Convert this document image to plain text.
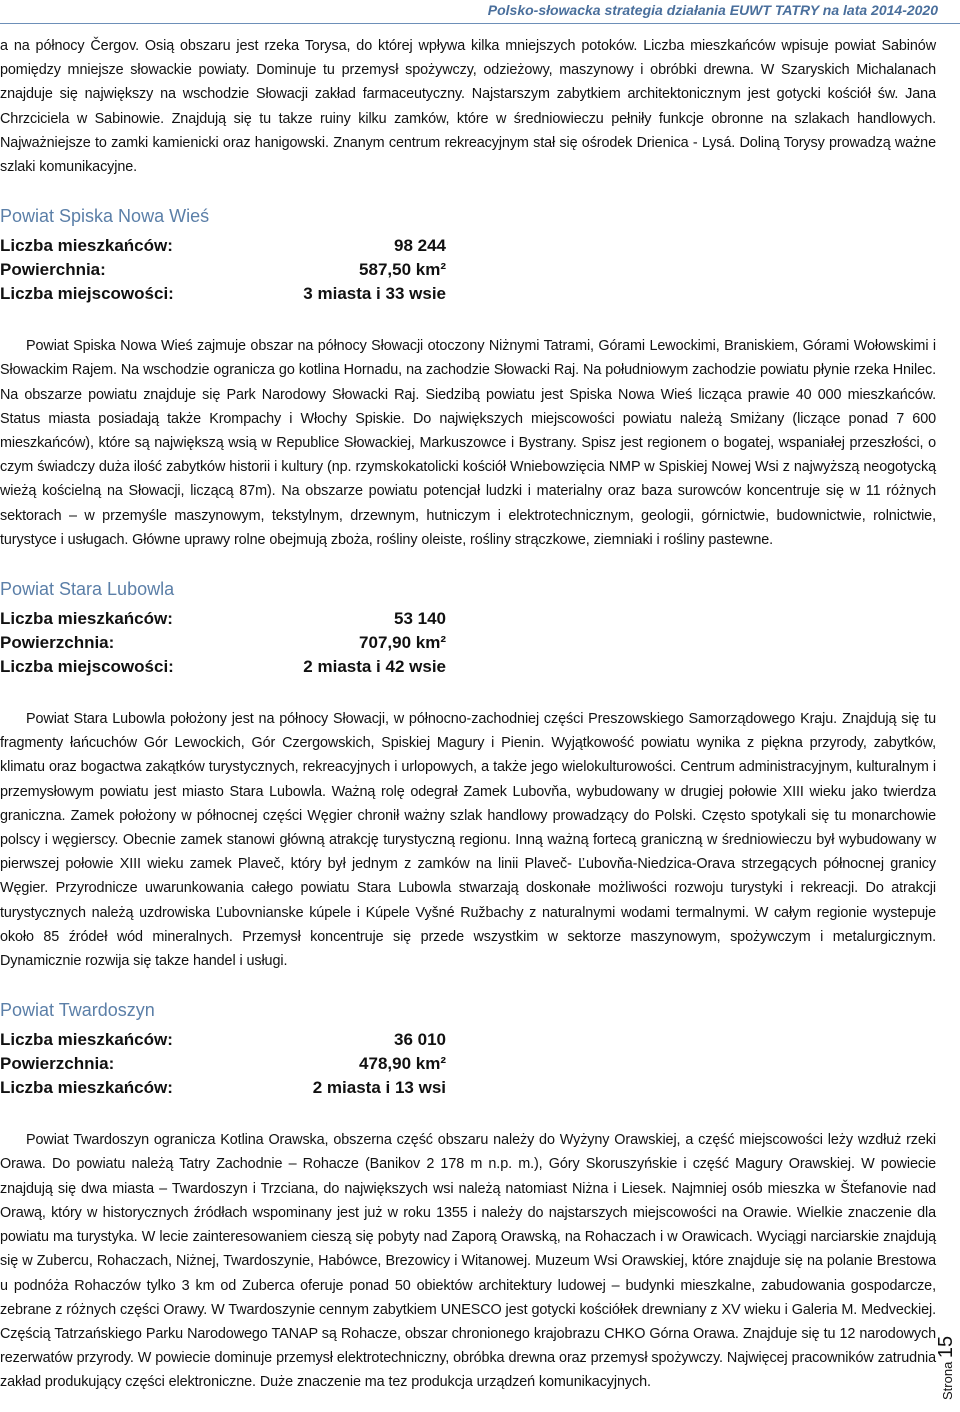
Polsko-słowacka strategia działania EUWT TATRY na lata 2014-2020

a na północy Čergov. Osią obszaru jest rzeka Torysa, do której wpływa kilka mniejszych potoków. Liczba mieszkańców wpisuje powiat Sabinów pomiędzy mniejsze słowackie powiaty. Dominuje tu przemysł spożywczy, odzieżowy, maszynowy i obróbki drewna. W Szaryskich Michalanach znajduje się największy na wschodzie Słowacji zakład farmaceutyczny. Najstarszym zabytkiem architektonicznym jest gotycki kościół św. Jana Chrzciciela w Sabinowie. Znajdują się tu takze ruiny kilku zamków, które w średniowieczu pełniły funkcje obronne na szlakach handlowych. Najważniejsze to zamki kamienicki oraz hanigowski. Znanym centrum rekreacyjnym stał się ośrodek Drienica - Lysá. Doliną Torysy prowadzą ważne szlaki komunikacyjne.

Powiat Spiska Nowa Wieś
Liczba mieszkańców:	98 244
Powierchnia:	587,50 km²
Liczba miejscowości:	3 miasta i 33 wsie

Powiat Spiska Nowa Wieś zajmuje obszar na północy Słowacji otoczony Niżnymi Tatrami, Górami Lewockimi, Braniskiem, Górami Wołowskimi i Słowackim Rajem. Na wschodzie ogranicza go kotlina Hornadu, na zachodzie Słowacki Raj. Na południowym zachodzie powiatu płynie rzeka Hnilec. Na obszarze powiatu znajduje się Park Narodowy Słowacki Raj. Siedzibą powiatu jest Spiska Nowa Wieś licząca prawie 40 000 mieszkańców. Status miasta posiadają także Krompachy i Włochy Spiskie. Do największych miejscowości powiatu należą Smiżany (liczące ponad 7 600 mieszkańców), które są największą wsią w Republice Słowackiej, Markuszowce i Bystrany. Spisz jest regionem o bogatej, wspaniałej przeszłości, o czym świadczy duża ilość zabytków historii i kultury (np. rzymskokatolicki kościół Wniebowzięcia NMP w Spiskiej Nowej Wsi z najwyższą neogotycką wieżą kościelną na Słowacji, liczącą 87m). Na obszarze powiatu potencjał ludzki i materialny oraz baza surowców koncentruje się w 11 różnych sektorach – w przemyśle maszynowym, tekstylnym, drzewnym, hutniczym i elektrotechnicznym, geologii, górnictwie, budownictwie, rolnictwie, turystyce i usługach. Główne uprawy rolne obejmują zboża, rośliny oleiste, rośliny strączkowe, ziemniaki i rośliny pastewne.

Powiat Stara Lubowla
Liczba mieszkańców:	53 140
Powierzchnia:	707,90 km²
Liczba miejscowości:	2 miasta i 42 wsie

Powiat Stara Lubowla położony jest na północy Słowacji, w północno-zachodniej części Preszowskiego Samorządowego Kraju. Znajdują się tu fragmenty łańcuchów Gór Lewockich, Gór Czergowskich, Spiskiej Magury i Pienin. Wyjątkowość powiatu wynika z piękna przyrody, zabytków, klimatu oraz bogactwa zakątków turystycznych, rekreacyjnych i urlopowych, a także jego wielokulturowości. Centrum administracyjnym, kulturalnym i przemysłowym powiatu jest miasto Stara Lubowla. Ważną rolę odegrał Zamek Lubovňa, wybudowany w drugiej połowie XIII wieku jako twierdza graniczna. Zamek położony w północnej części Węgier chronił ważny szlak handlowy prowadzący do Polski. Często spotykali się tu monarchowie polscy i węgierscy. Obecnie zamek stanowi główną atrakcję turystyczną regionu. Inną ważną fortecą graniczną w średniowieczu był wybudowany w pierwszej połowie XIII wieku zamek Plaveč, który był jednym z zamków na linii Plaveč- Ľubovňa-Niedzica-Orava strzegących północnej granicy Węgier. Przyrodnicze uwarunkowania całego powiatu Stara Lubowla stwarzają doskonałe możliwości rozwoju turystyki i rekreacji. Do atrakcji turystycznych należą uzdrowiska Ľubovnianske kúpele i Kúpele Vyšné Ružbachy z naturalnymi wodami termalnymi. W całym regionie wystepuje około 85 źródeł wód mineralnych. Przemysł koncentruje się przede wszystkim w sektorze maszynowym, spożywczym i metalurgicznym. Dynamicznie rozwija się takze handel i usługi.

Powiat Twardoszyn
Liczba mieszkańców:	36 010
Powierzchnia:	478,90 km²
Liczba mieszkańców:	2 miasta i 13 wsi

Powiat Twardoszyn ogranicza Kotlina Orawska, obszerna część obszaru należy do Wyżyny Orawskiej, a część miejscowości leży wzdłuż rzeki Orawa. Do powiatu należą Tatry Zachodnie – Rohacze (Banikov 2 178 m n.p. m.), Góry Skoruszyńskie i część Magury Orawskiej. W powiecie znajdują się dwa miasta – Twardoszyn i Trzciana, do największych wsi należą natomiast Niżna i Liesek. Najmniej osób mieszka w Štefanovie nad Orawą, który w historycznych źródłach wspominany jest już w roku 1355 i należy do najstarszych miejscowości na Orawie. Wielkie znaczenie dla powiatu ma turystyka. W lecie zainteresowaniem cieszą się pobyty nad Zaporą Orawską, na Rohaczach i w Orawicach. Wyciągi narciarskie znajdują się w Zubercu, Rohaczach, Niżnej, Twardoszynie, Habówce, Brezowicy i Witanowej. Muzeum Wsi Orawskiej, które znajduje się na polanie Brestowa u podnóża Rohaczów tylko 3 km od Zuberca oferuje ponad 50 obiektów architektury ludowej – budynki mieszkalne, zabudowania gospodarcze, zebrane z różnych części Orawy. W Twardoszynie cennym zabytkiem UNESCO jest gotycki kościółek drewniany z XV wieku i Galeria M. Medveckiej. Częścią Tatrzańskiego Parku Narodowego TANAP są Rohacze, obszar chronionego krajobrazu CHKO Górna Orawa. Znajduje się tu 12 narodowych rezerwatów przyrody. W powiecie dominuje przemysł elektrotechniczny, obróbka drewna oraz przemysł spożywczy. Najwięcej pracowników zatrudnia zakład produkujący części elektroniczne. Duże znaczenie ma tez produkcja urządzeń komunikacyjnych.	Strona 15
